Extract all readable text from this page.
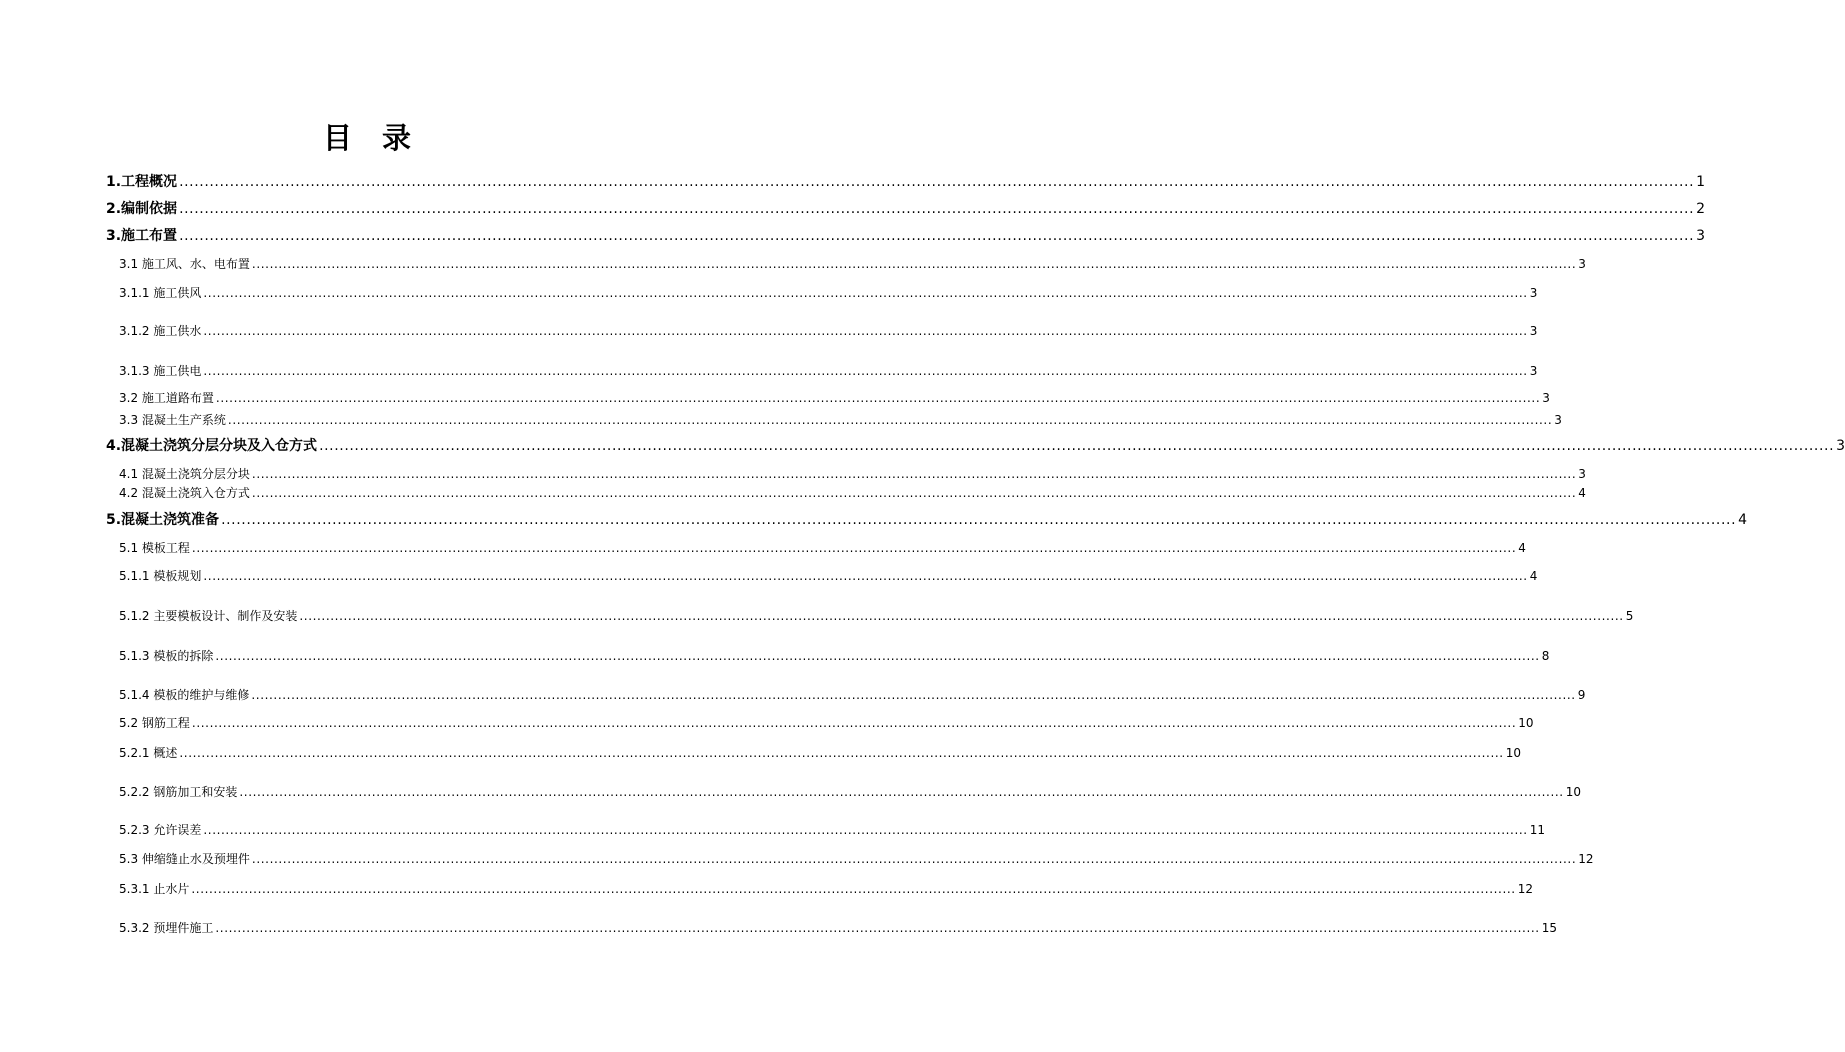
目 录
1.工程概况 ............................................................................................................................................................................................................................................................................................................ 1
2.编制依据 ............................................................................................................................................................................................................................................................................................................ 2
3.施工布置 ............................................................................................................................................................................................................................................................................................................ 3
3.1 施工风、水、电布置 ............................................................................................................................................................................................................................................................................................................ 3
3.1.1 施工供风 ............................................................................................................................................................................................................................................................................................................ 3
3.1.2 施工供水 ............................................................................................................................................................................................................................................................................................................ 3
3.1.3 施工供电 ............................................................................................................................................................................................................................................................................................................ 3
3.2 施工道路布置 ............................................................................................................................................................................................................................................................................................................ 3
3.3 混凝土生产系统 ............................................................................................................................................................................................................................................................................................................ 3
4.混凝土浇筑分层分块及入仓方式 ............................................................................................................................................................................................................................................................................................................ 3
4.1 混凝土浇筑分层分块 ............................................................................................................................................................................................................................................................................................................ 3
4.2 混凝土浇筑入仓方式 ............................................................................................................................................................................................................................................................................................................ 4
5.混凝土浇筑准备 ............................................................................................................................................................................................................................................................................................................ 4
5.1 模板工程 ............................................................................................................................................................................................................................................................................................................ 4
5.1.1 模板规划 ............................................................................................................................................................................................................................................................................................................ 4
5.1.2 主要模板设计、制作及安装 ............................................................................................................................................................................................................................................................................................................ 5
5.1.3 模板的拆除 ............................................................................................................................................................................................................................................................................................................ 8
5.1.4 模板的维护与维修 ............................................................................................................................................................................................................................................................................................................ 9
5.2 钢筋工程 ............................................................................................................................................................................................................................................................................................................ 10
5.2.1 概述 ............................................................................................................................................................................................................................................................................................................ 10
5.2.2 钢筋加工和安装 ............................................................................................................................................................................................................................................................................................................ 10
5.2.3 允许误差 ............................................................................................................................................................................................................................................................................................................ 11
5.3 伸缩缝止水及预埋件 ............................................................................................................................................................................................................................................................................................................ 12
5.3.1 止水片 ............................................................................................................................................................................................................................................................................................................ 12
5.3.2 预埋件施工 ............................................................................................................................................................................................................................................................................................................ 15
